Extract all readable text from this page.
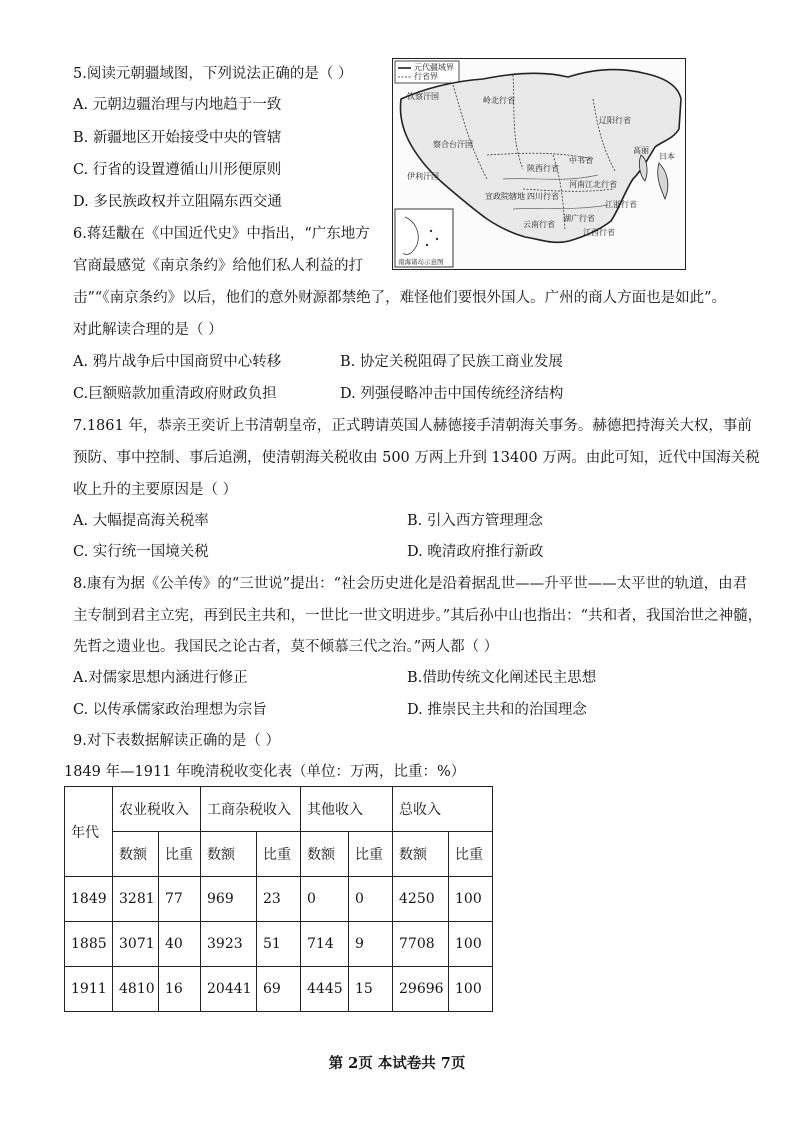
5.阅读元朝疆域图，下列说法正确的是（ ）
A. 元朝边疆治理与内地趋于一致
B. 新疆地区开始接受中央的管辖
C. 行省的设置遵循山川形便原则
D. 多民族政权并立阻隔东西交通
元代疆域界
行省界
钦察汗国	岭北行省
伊利汗国
察合台汗国
辽阳行省
中书省
陕西行省
河南江北行省
四川行省
江浙行省
云南行省
湖广行省
江西行省
宣政院辖地
高丽
日本
南海诸岛示意图
6.蒋廷黻在《中国近代史》中指出，“广东地方
官商最感觉《南京条约》给他们私人利益的打
击”“《南京条约》以后，他们的意外财源都禁绝了，难怪他们要恨外国人。广州的商人方面也是如此”。
对此解读合理的是（ ）
A. 鸦片战争后中国商贸中心转移	B. 协定关税阻碍了民族工商业发展
C.巨额赔款加重清政府财政负担	D. 列强侵略冲击中国传统经济结构
7.1861 年，恭亲王奕䜣上书清朝皇帝，正式聘请英国人赫德接手清朝海关事务。赫德把持海关大权，事前
预防、事中控制、事后追溯，使清朝海关税收由 500 万两上升到 13400 万两。由此可知，近代中国海关税
收上升的主要原因是（ ）
A. 大幅提高海关税率	B. 引入西方管理理念
C. 实行统一国境关税	D. 晚清政府推行新政
8.康有为据《公羊传》的“三世说”提出：“社会历史进化是沿着据乱世——升平世——太平世的轨道，由君
主专制到君主立宪，再到民主共和，一世比一世文明进步。”其后孙中山也指出：“共和者，我国治世之神髓，
先哲之遗业也。我国民之论古者，莫不倾慕三代之治。”两人都（ ）
A.对儒家思想内涵进行修正	B.借助传统文化阐述民主思想
C. 以传承儒家政治理想为宗旨	D. 推崇民主共和的治国理念
9.对下表数据解读正确的是（ ）
1849 年—1911 年晚清税收变化表（单位：万两，比重：%）
年代	农业税收入		工商杂税收入		其他收入		总收入	
	数额	比重	数额	比重	数额	比重	数额	比重
1849	3281	77	969	23	0	0	4250	100
1885	3071	40	3923	51	714	9	7708	100
1911	4810	16	20441	69	4445	15	29696	100
第 2页 本试卷共 7页
